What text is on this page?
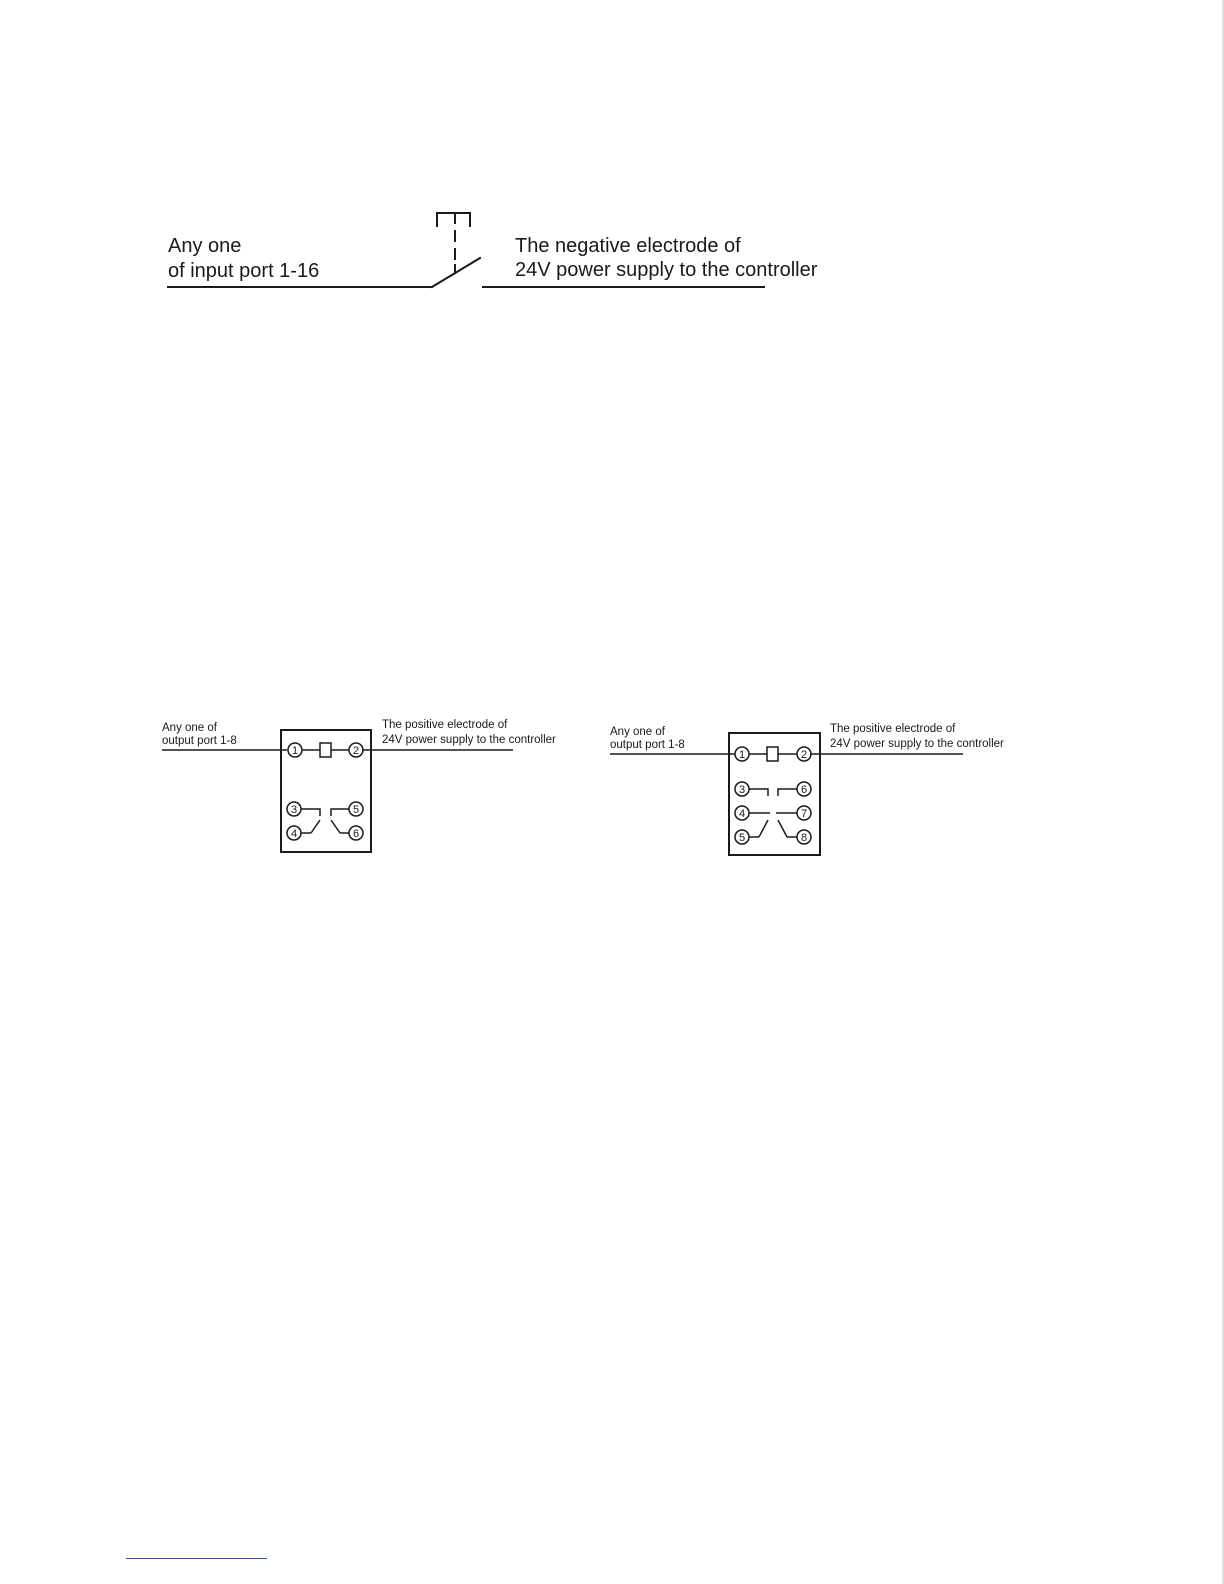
Any one

of input port 1-16

The negative electrode of

24V power supply to the controller

Any one of

output port 1-8

The positive electrode of

24V power supply to the controller

1	2
3	5
4	6

Any one of

output port 1-8

The positive electrode of

24V power supply to the controller

1	2
3	6
4	7
5	8
